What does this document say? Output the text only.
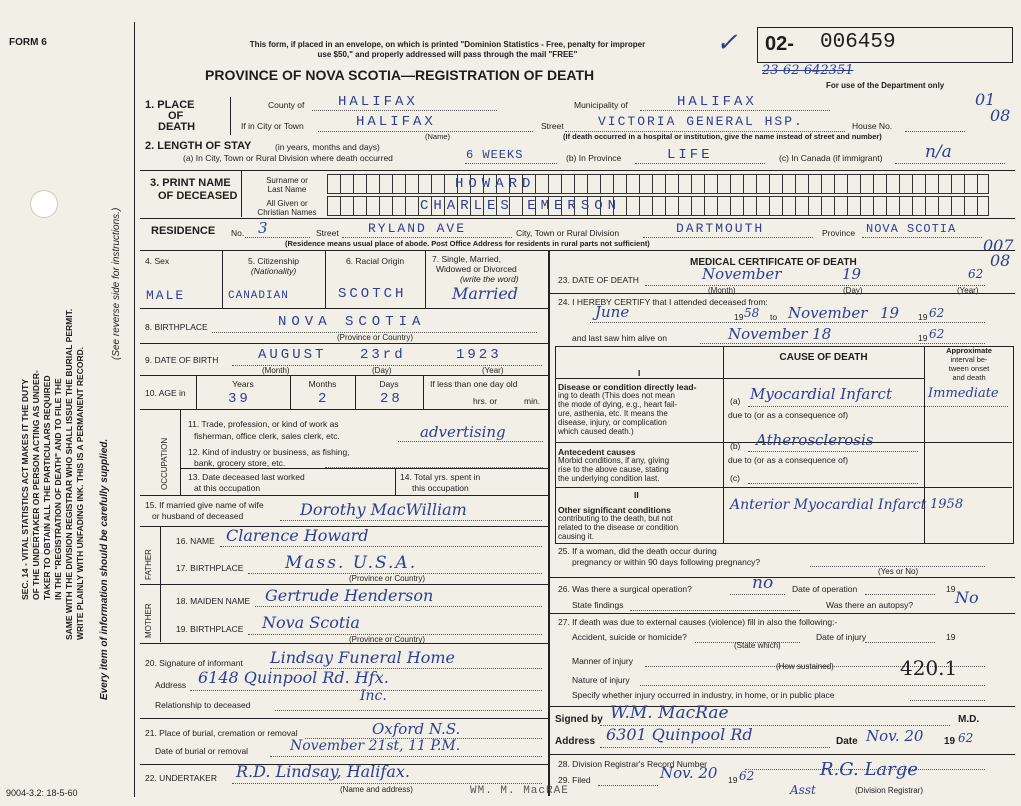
FORM 6
SEC. 14 - VITAL STATISTICS ACT MAKES IT THE DUTY OF THE UNDERTAKER OR PERSON ACTING AS UNDER- TAKER TO OBTAIN ALL THE PARTICULARS REQUIRED IN THE "REGISTRATION OF DEATH" AND TO FILE THE SAME WITH THE DIVISION REGISTRAR WHO SHALL ISSUE THE BURIAL PERMIT. WRITE PLAINLY WITH UNFADING INK. THIS IS A PERMANENT RECORD. Every item of information should be carefully supplied.
(See reverse side for instructions.)
This form, if placed in an envelope, on which is printed "Dominion Statistics - Free, penalty for improper
use $50," and properly addressed will pass through the mail "FREE"
PROVINCE OF NOVA SCOTIA—REGISTRATION OF DEATH
✓ 02- 006459
23-62-642351
For use of the Department only
01
08
1. PLACE
OF
DEATH
County of HALIFAX	Municipality of	HALIFAX
If in City or Town	HALIFAX
(Name)
Street	VICTORIA GENERAL HSP.	House No.
(If death occurred in a hospital or institution, give the name instead of street and number)
2. LENGTH OF STAY	(in years, months and days)
(a) In City, Town or Rural Division where death occurred	6 WEEKS	(b) In Province	LIFE	(c) In Canada (if immigrant)	n/a
3. PRINT NAME
OF DECEASED
Surname or
Last Name
All Given or
Christian Names
HOWARD
CHARLES EMERSON
RESIDENCE No. 3	Street RYLAND AVE	City, Town or Rural Division	DARTMOUTH	Province NOVA SCOTIA
(Residence means usual place of abode. Post Office Address for residents in rural parts not sufficient)	007
08
4. Sex	5. Citizenship
(Nationality)
6. Racial Origin	7. Single, Married,
Widowed or Divorced
(write the word)
MALE	CANADIAN	SCOTCH	Married
8. BIRTHPLACE	NOVA SCOTIA
(Province or Country)
9. DATE OF BIRTH	AUGUST 23rd	1923
(Month)	(Day)	(Year)
10. AGE in
Years	Months	Days	If less than one day old
39	2	28	hrs. or	min.
OCCUPATION
11. Trade, profession, or kind of work as
fisherman, office clerk, sales clerk, etc.	advertising
12. Kind of industry or business, as fishing,
bank, grocery store, etc.
13. Date deceased last worked
at this occupation
14. Total yrs. spent in
this occupation
15. If married give name of wife
or husband of deceased	Dorothy MacWilliam
FATHER
16. NAME Clarence Howard
17. BIRTHPLACE Mass. U.S.A.
(Province or Country)
MOTHER
18. MAIDEN NAME Gertrude Henderson
19. BIRTHPLACE Nova Scotia
(Province or Country)
20. Signature of informant Lindsay Funeral Home
Address 6148 Quinpool Rd. Hfx.
Inc.
Relationship to deceased
21. Place of burial, cremation or removal	Oxford N.S.
Date of burial or removal	November 21st, 11 P.M.
22. UNDERTAKER R.D. Lindsay, Halifax.
(Name and address)
9004-3.2: 18-5-60	WM. M. MacRAE
MEDICAL CERTIFICATE OF DEATH
23. DATE OF DEATH	November	19	62
(Month)	(Day)	(Year)
24. I HEREBY CERTIFY that I attended deceased from:
June	19 58 to November 19 19 62
and last saw him alive on	November 18	19 62
CAUSE OF DEATH
Approximate
interval be-
tween onset
and death
I
Disease or condition directly lead-
ing to death (This does not mean
the mode of dying, e.g., heart fail-
ure, asthenia, etc. It means the
disease, injury, or complication
which caused death.)
(a) Myocardial Infarct	Immediate
due to (or as a consequence of)
Antecedent causes
Morbid conditions, if any, giving
rise to the above cause, stating
the underlying condition last.
(b) Atherosclerosis
due to (or as a consequence of)
(c)
II
Other significant conditions
contributing to the death, but not
related to the disease or condition
causing it.
Anterior Myocardial Infarct 1958
25. If a woman, did the death occur during
pregnancy or within 90 days following pregnancy?
(Yes or No)
26. Was there a surgical operation?	no Date of operation	19
State findings	Was there an autopsy?	No
27. If death was due to external causes (violence) fill in also the following:-
Accident, suicide or homicide?	Date of injury	19
(State which)
Manner of injury
(How sustained)	420.1
Nature of injury
Specify whether injury occurred in industry, in home, or in public place
Signed by W.M. MacRae	M.D.
Address 6301 Quinpool Rd	Date Nov. 20 19 62
28. Division Registrar's Record Number
29. Filed	Nov. 20 19 62	R.G. Large
Asst	(Division Registrar)
